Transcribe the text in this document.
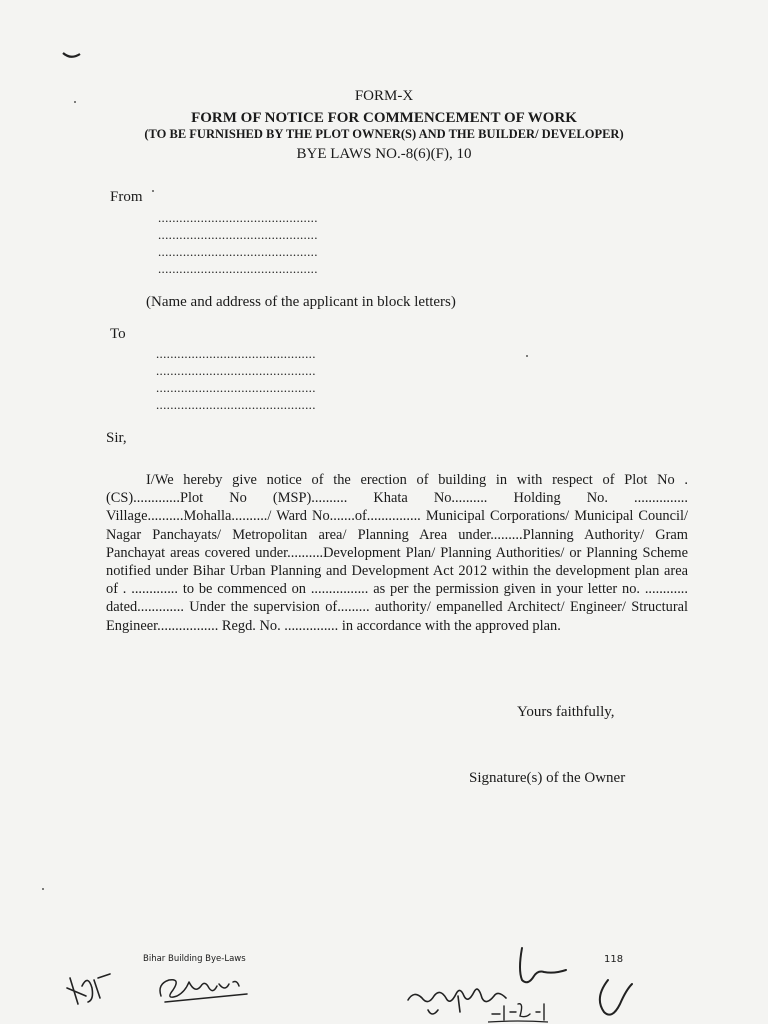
FORM-X
FORM OF NOTICE FOR COMMENCEMENT OF WORK
(TO BE FURNISHED BY THE PLOT OWNER(S) AND THE BUILDER/ DEVELOPER)
BYE LAWS NO.-8(6)(F), 10
From
.............................................
.............................................
.............................................
.............................................
(Name and address of the applicant in block letters)
To
.............................................
.............................................
.............................................
.............................................
Sir,

I/We hereby give notice of the erection of building in with respect of Plot No .(CS).............Plot No (MSP).......... Khata No.......... Holding No. ............... Village..........Mohalla........../ Ward No.......of............... Municipal Corporations/ Municipal Council/ Nagar Panchayats/ Metropolitan area/ Planning Area under.........Planning Authority/ Gram Panchayat areas covered under..........Development Plan/ Planning Authorities/ or Planning Scheme notified under Bihar Urban Planning and Development Act 2012 within the development plan area of . ............. to be commenced on ................ as per the permission given in your letter no. ............ dated............. Under the supervision of......... authority/ empanelled Architect/ Engineer/ Structural Engineer................. Regd. No. ............... in accordance with the approved plan.

Yours faithfully,
Signature(s) of the Owner
Bihar Building Bye-Laws	118
